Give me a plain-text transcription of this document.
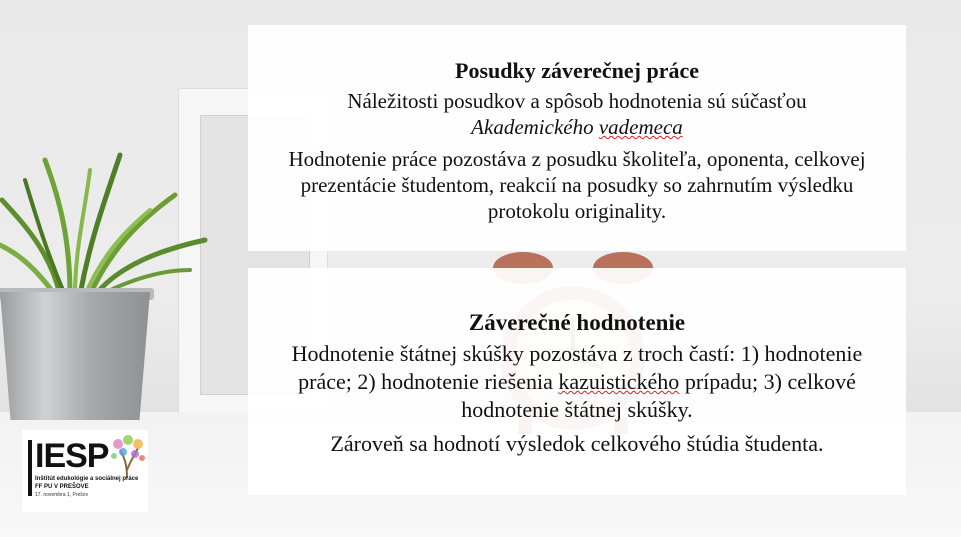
Posudky záverečnej práce

Náležitosti posudkov a spôsob hodnotenia sú súčasťou
Akademického vademeca

Hodnotenie práce pozostáva z posudku školiteľa, oponenta, celkovej prezentácie študentom, reakcií na posudky so zahrnutím výsledku protokolu originality.

Záverečné hodnotenie

Hodnotenie štátnej skúšky pozostáva z troch častí: 1) hodnotenie práce; 2) hodnotenie riešenia kazuistického prípadu; 3) celkové hodnotenie štátnej skúšky.

Zároveň sa hodnotí výsledok celkového štúdia študenta.

IESP
Inštitút edukológie a sociálnej práce
FF PU V PREŠOVE
17. novembra 1, Prešov
